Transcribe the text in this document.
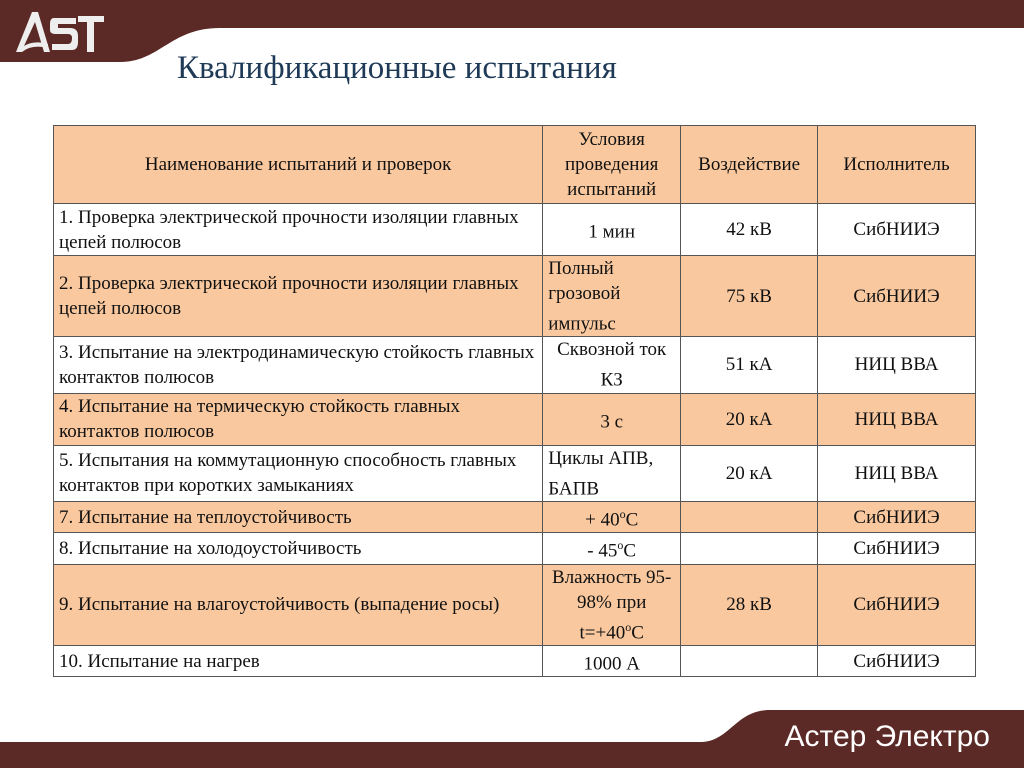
Квалификационные испытания
Наименование испытаний и проверок	Условия проведения испытаний	Воздействие	Исполнитель
1. Проверка электрической прочности изоляции главных цепей полюсов	1 мин	42 кВ	СибНИИЭ
2. Проверка электрической прочности изоляции главных цепей полюсов	Полный грозовой импульс	75 кВ	СибНИИЭ
3. Испытание на электродинамическую стойкость главных контактов полюсов	Сквозной ток КЗ	51 кА	НИЦ ВВА
4. Испытание на термическую стойкость главных контактов полюсов	3 с	20 кА	НИЦ ВВА
5. Испытания на коммутационную способность главных контактов при коротких замыканиях	Циклы АПВ, БАПВ	20 кА	НИЦ ВВА
7. Испытание на теплоустойчивость	+ $40^oC$		СибНИИЭ
8. Испытание на холодоустойчивость	- 45$^o$C		СибНИИЭ
9. Испытание на влагоустойчивость (выпадение росы)	Влажность 95-98% при $t=+40^oC$	28 кВ	СибНИИЭ
10. Испытание на нагрев	1000 А		СибНИИЭ
Астер Электро
